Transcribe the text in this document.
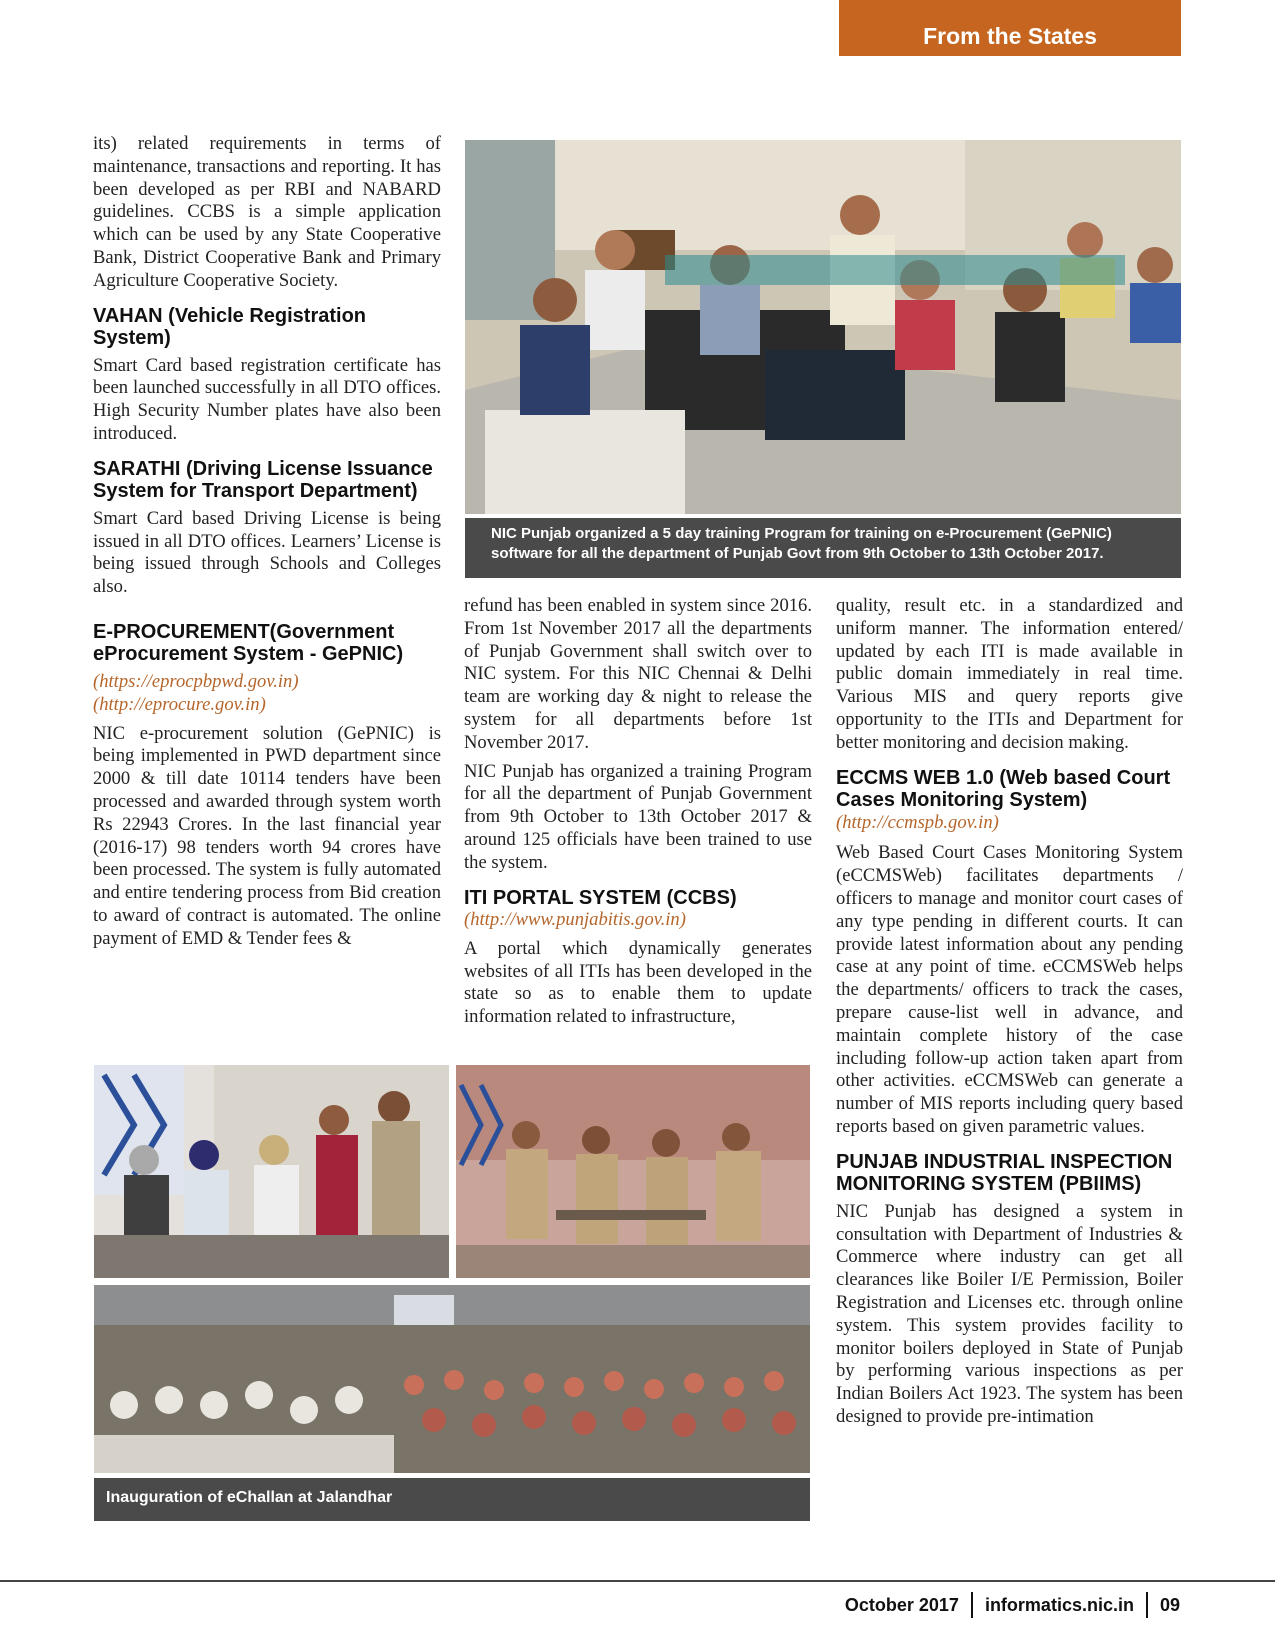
From the States

its) related requirements in terms of maintenance, transactions and reporting. It has been developed as per RBI and NABARD guidelines. CCBS is a simple application which can be used by any State Cooperative Bank, District Cooperative Bank and Primary Agriculture Cooperative Society.

VAHAN (Vehicle Registration System)

Smart Card based registration certificate has been launched successfully in all DTO offices. High Security Number plates have also been introduced.

SARATHI (Driving License Issuance System for Transport Department)

Smart Card based Driving License is being issued in all DTO offices. Learners’ License is being issued through Schools and Colleges also.

E-PROCUREMENT(Government eProcurement System - GePNIC)

(https://eprocpbpwd.gov.in)

(http://eprocure.gov.in)

NIC e-procurement solution (GePNIC) is being implemented in PWD department since 2000 & till date 10114 tenders have been processed and awarded through system worth Rs 22943 Crores. In the last financial year (2016-17) 98 tenders worth 94 crores have been processed. The system is fully automated and entire tendering process from Bid creation to award of contract is automated. The online payment of EMD & Tender fees &

NIC Punjab organized a 5 day training Program for training on e-Procurement (GePNIC) software for all the department of Punjab Govt from 9th October to 13th October 2017.

refund has been enabled in system since 2016. From 1st November 2017 all the departments of Punjab Government shall switch over to NIC system. For this NIC Chennai & Delhi team are working day & night to release the system for all departments before 1st November 2017.

NIC Punjab has organized a training Program for all the department of Punjab Government from 9th October to 13th October 2017 & around 125 officials have been trained to use the system.

ITI PORTAL SYSTEM (CCBS)

(http://www.punjabitis.gov.in)

A portal which dynamically generates websites of all ITIs has been developed in the state so as to enable them to update information related to infrastructure,

quality, result etc. in a standardized and uniform manner. The information entered/ updated by each ITI is made available in public domain immediately in real time. Various MIS and query reports give opportunity to the ITIs and Department for better monitoring and decision making.

ECCMS WEB 1.0 (Web based Court Cases Monitoring System)

(http://ccmspb.gov.in)

Web Based Court Cases Monitoring System (eCCMSWeb) facilitates departments / officers to manage and monitor court cases of any type pending in different courts. It can provide latest information about any pending case at any point of time. eCCMSWeb helps the departments/ officers to track the cases, prepare cause-list well in advance, and maintain complete history of the case including follow-up action taken apart from other activities. eCCMSWeb can generate a number of MIS reports including query based reports based on given parametric values.

PUNJAB INDUSTRIAL INSPECTION MONITORING SYSTEM (PBIIMS)

NIC Punjab has designed a system in consultation with Department of Industries & Commerce where industry can get all clearances like Boiler I/E Permission, Boiler Registration and Licenses etc. through online system. This system provides facility to monitor boilers deployed in State of Punjab by performing various inspections as per Indian Boilers Act 1923. The system has been designed to provide pre-intimation

Inauguration of eChallan at Jalandhar
October 2017 informatics.nic.in 09
